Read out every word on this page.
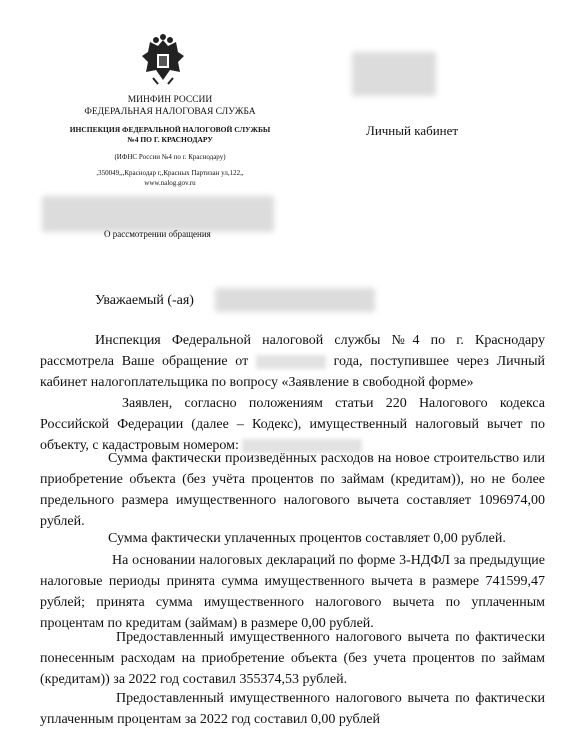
МИНФИН РОССИИ
ФЕДЕРАЛЬНАЯ НАЛОГОВАЯ СЛУЖБА
ИНСПЕКЦИЯ ФЕДЕРАЛЬНОЙ НАЛОГОВОЙ СЛУЖБЫ
№4 ПО Г. КРАСНОДАРУ
(ИФНС России №4 по г. Краснодару)
,350049,,,Краснодар г,,Красных Партизан ул,122,,
www.nalog.gov.ru
Личный кабинет
О рассмотрении обращения
Уважаемый (-ая)
Инспекция Федеральной налоговой службы №4 по г. Краснодару рассмотрела Ваше обращение от	года, поступившее через Личный кабинет налогоплательщика по вопросу «Заявление в свободной форме»
Заявлен, согласно положениям статьи 220 Налогового кодекса Российской Федерации (далее – Кодекс), имущественный налоговый вычет по объекту, с кадастровым номером:
Сумма фактически произведённых расходов на новое строительство или приобретение объекта (без учёта процентов по займам (кредитам)), но не более предельного размера имущественного налогового вычета составляет 1096974,00 рублей.
Сумма фактически уплаченных процентов составляет 0,00 рублей.
На основании налоговых деклараций по форме 3-НДФЛ за предыдущие налоговые периоды принята сумма имущественного вычета в размере 741599,47 рублей; принята сумма имущественного налогового вычета по уплаченным процентам по кредитам (займам) в размере 0,00 рублей.
Предоставленный имущественного налогового вычета по фактически понесенным расходам на приобретение объекта (без учета процентов по займам (кредитам)) за 2022 год составил 355374,53 рублей.
Предоставленный имущественного налогового вычета по фактически уплаченным процентам за 2022 год составил 0,00 рублей
